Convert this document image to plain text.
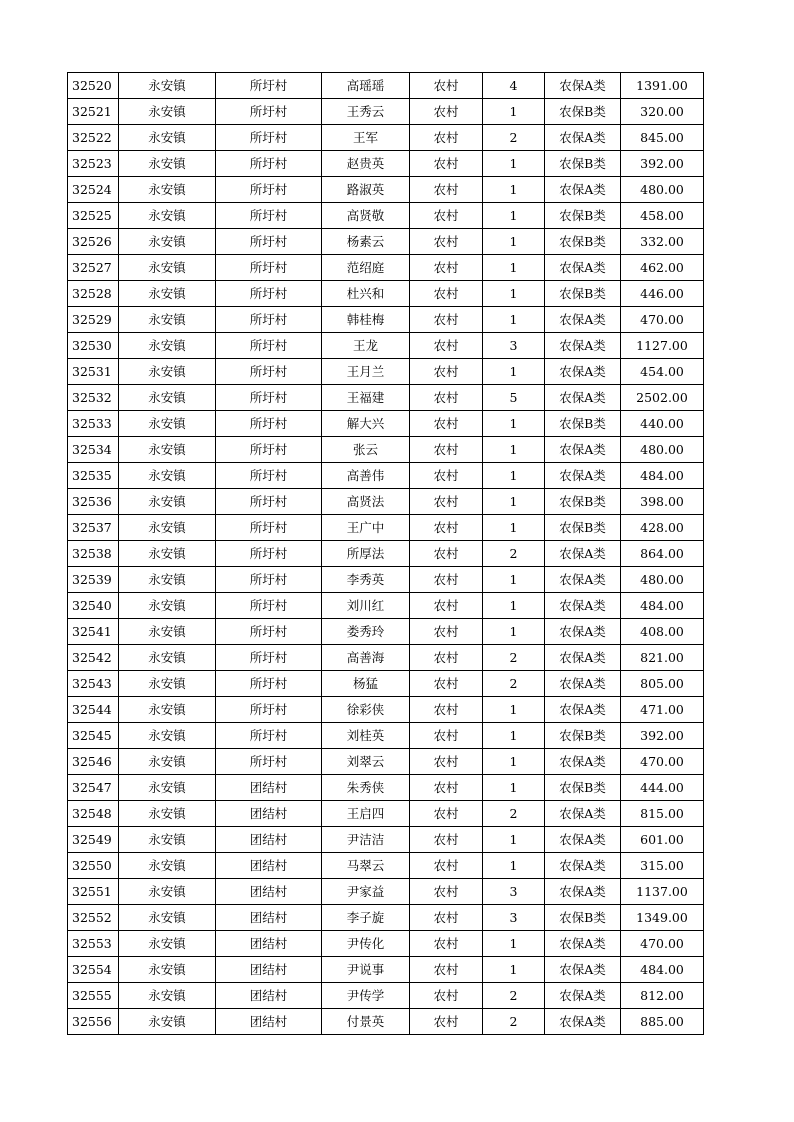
32520	永安镇	所圩村	高瑶瑶	农村	4	农保A类	1391.00
32521	永安镇	所圩村	王秀云	农村	1	农保B类	320.00
32522	永安镇	所圩村	王军	农村	2	农保A类	845.00
32523	永安镇	所圩村	赵贵英	农村	1	农保B类	392.00
32524	永安镇	所圩村	路淑英	农村	1	农保A类	480.00
32525	永安镇	所圩村	高贤敬	农村	1	农保B类	458.00
32526	永安镇	所圩村	杨素云	农村	1	农保B类	332.00
32527	永安镇	所圩村	范绍庭	农村	1	农保A类	462.00
32528	永安镇	所圩村	杜兴和	农村	1	农保B类	446.00
32529	永安镇	所圩村	韩桂梅	农村	1	农保A类	470.00
32530	永安镇	所圩村	王龙	农村	3	农保A类	1127.00
32531	永安镇	所圩村	王月兰	农村	1	农保A类	454.00
32532	永安镇	所圩村	王福建	农村	5	农保A类	2502.00
32533	永安镇	所圩村	解大兴	农村	1	农保B类	440.00
32534	永安镇	所圩村	张云	农村	1	农保A类	480.00
32535	永安镇	所圩村	高善伟	农村	1	农保A类	484.00
32536	永安镇	所圩村	高贤法	农村	1	农保B类	398.00
32537	永安镇	所圩村	王广中	农村	1	农保B类	428.00
32538	永安镇	所圩村	所厚法	农村	2	农保A类	864.00
32539	永安镇	所圩村	李秀英	农村	1	农保A类	480.00
32540	永安镇	所圩村	刘川红	农村	1	农保A类	484.00
32541	永安镇	所圩村	娄秀玲	农村	1	农保A类	408.00
32542	永安镇	所圩村	高善海	农村	2	农保A类	821.00
32543	永安镇	所圩村	杨猛	农村	2	农保A类	805.00
32544	永安镇	所圩村	徐彩侠	农村	1	农保A类	471.00
32545	永安镇	所圩村	刘桂英	农村	1	农保B类	392.00
32546	永安镇	所圩村	刘翠云	农村	1	农保A类	470.00
32547	永安镇	团结村	朱秀侠	农村	1	农保B类	444.00
32548	永安镇	团结村	王启四	农村	2	农保A类	815.00
32549	永安镇	团结村	尹洁洁	农村	1	农保A类	601.00
32550	永安镇	团结村	马翠云	农村	1	农保A类	315.00
32551	永安镇	团结村	尹家益	农村	3	农保A类	1137.00
32552	永安镇	团结村	李子旋	农村	3	农保B类	1349.00
32553	永安镇	团结村	尹传化	农村	1	农保A类	470.00
32554	永安镇	团结村	尹说事	农村	1	农保A类	484.00
32555	永安镇	团结村	尹传学	农村	2	农保A类	812.00
32556	永安镇	团结村	付景英	农村	2	农保A类	885.00
